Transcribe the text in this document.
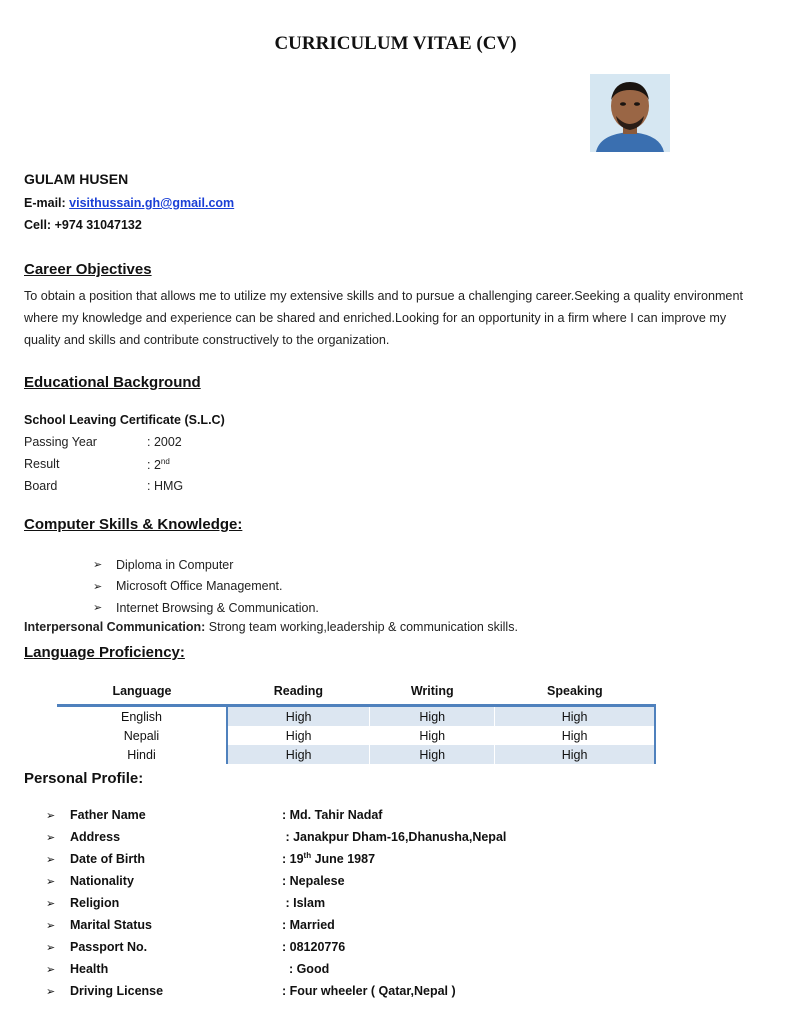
CURRICULUM VITAE (CV)
GULAM HUSEN
E-mail: visithussain.gh@gmail.com
Cell: +974 31047132
Career Objectives
To obtain a position that allows me to utilize my extensive skills and to pursue a challenging career.Seeking a quality environment where my knowledge and experience can be shared and enriched.Looking for an opportunity in a firm where I can improve my quality and skills and contribute constructively to the organization.
Educational Background
School Leaving Certificate (S.L.C)
Passing Year	: 2002
Result	: 2nd
Board	: HMG
Computer Skills & Knowledge:
➢	Diploma in Computer
➢	Microsoft Office Management.
➢	Internet Browsing & Communication.
Interpersonal Communication: Strong team working,leadership & communication skills.
Language Proficiency:
Language	Reading	Writing	Speaking
English	High	High	High
Nepali	High	High	High
Hindi	High	High	High
Personal Profile:
➢	Father Name	: Md. Tahir Nadaf
➢	Address	: Janakpur Dham-16,Dhanusha,Nepal
➢	Date of Birth	: 19th June 1987
➢	Nationality	: Nepalese
➢	Religion	: Islam
➢	Marital Status	: Married
➢	Passport No.	: 08120776
➢	Health	: Good
➢	Driving License	: Four wheeler ( Qatar,Nepal )
